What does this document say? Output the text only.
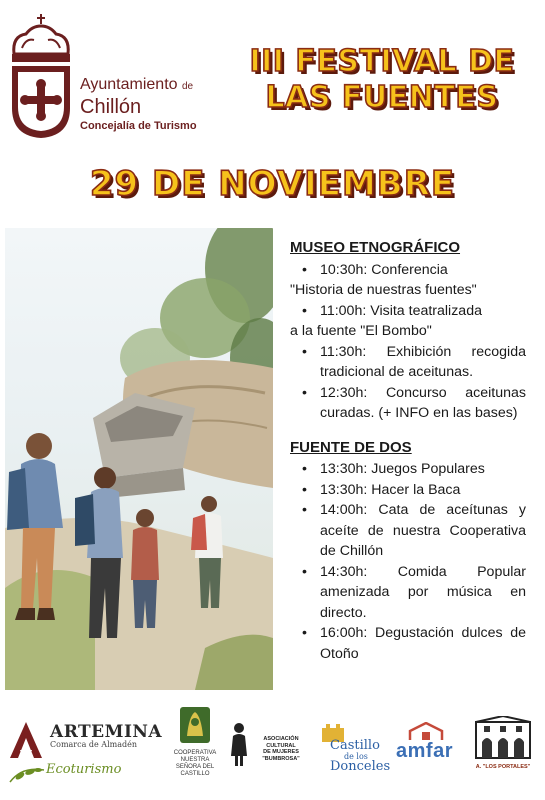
Ayuntamiento de
Chillón
Concejalía de Turismo
III FESTIVAL DE
LAS FUENTES
29 DE NOVIEMBRE
MUSEO ETNOGRÁFICO
• 10:30h: Conferencia
"Historia de nuestras fuentes"
• 11:00h: Visita teatralizada
a la fuente "El Bombo"
• 11:30h: Exhibición recogida tradicional de aceitunas.
• 12:30h: Concurso aceitunas curadas. (+ INFO en las bases)
FUENTE DE DOS
• 13:30h: Juegos Populares
• 13:30h: Hacer la Baca
• 14:00h: Cata de aceítunas y aceíte de nuestra Cooperativa de Chillón
• 14:30h: Comida Popular amenizada por música en directo.
• 16:00h: Degustación dulces de Otoño
ARTEMINA
Comarca de Almadén
Ecoturismo
COOPERATIVA
NUESTRA
SEÑORA DEL
CASTILLO
ASOCIACIÓN CULTURAL
DE MUJERES
"BUMBROSA"
Castillo
de los
Donceles
amfar
A. "LOS PORTALES"
